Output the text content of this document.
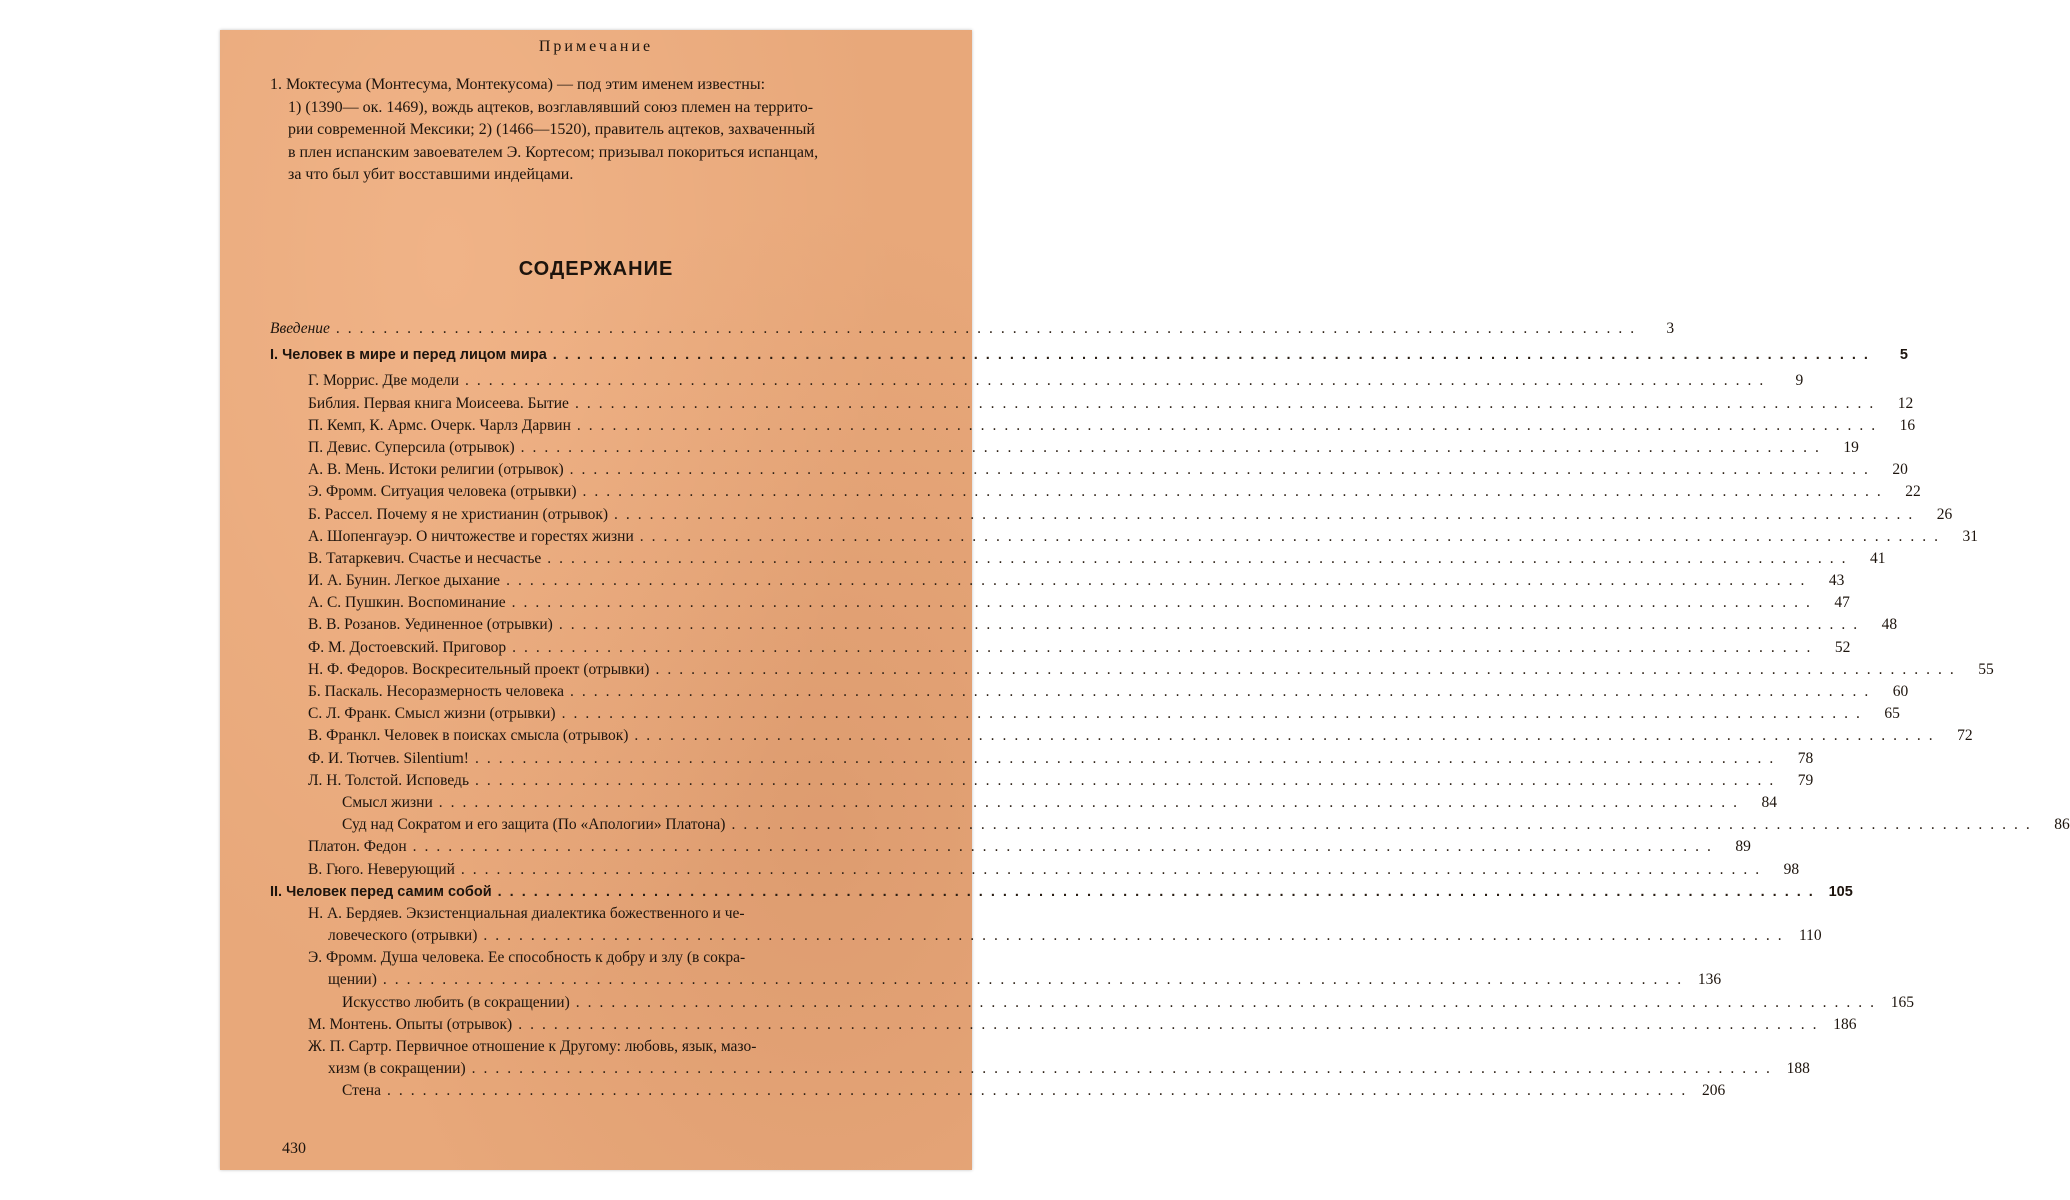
Примечание

1. Моктесума (Монтесума, Монтекусома) — под этим именем известны:

1) (1390— ок. 1469), вождь ацтеков, возглавлявший союз племен на террито-

рии современной Мексики; 2) (1466—1520), правитель ацтеков, захваченный

в плен испанским завоевателем Э. Кортесом; призывал покориться испанцам,

за что был убит восставшими индейцами.

СОДЕРЖАНИЕ
Введение ..............................................................................................................	3
I. Человек в мире и перед лицом мира ..............................................................................................................	5
Г. Моррис. Две модели ..............................................................................................................	9
Библия. Первая книга Моисеева. Бытие ..............................................................................................................	12
П. Кемп, К. Армс. Очерк. Чарлз Дарвин ..............................................................................................................	16
П. Девис. Суперсила (отрывок) ..............................................................................................................	19
А. В. Мень. Истоки религии (отрывок) ..............................................................................................................	20
Э. Фромм. Ситуация человека (отрывки) ..............................................................................................................	22
Б. Рассел. Почему я не христианин (отрывок) ..............................................................................................................	26
А. Шопенгауэр. О ничтожестве и горестях жизни ..............................................................................................................	31
В. Татаркевич. Счастье и несчастье ..............................................................................................................	41
И. А. Бунин. Легкое дыхание ..............................................................................................................	43
А. С. Пушкин. Воспоминание ..............................................................................................................	47
В. В. Розанов. Уединенное (отрывки) ..............................................................................................................	48
Ф. М. Достоевский. Приговор ..............................................................................................................	52
Н. Ф. Федоров. Воскресительный проект (отрывки) ..............................................................................................................	55
Б. Паскаль. Несоразмерность человека ..............................................................................................................	60
С. Л. Франк. Смысл жизни (отрывки) ..............................................................................................................	65
В. Франкл. Человек в поисках смысла (отрывок) ..............................................................................................................	72
Ф. И. Тютчев. Silentium! ..............................................................................................................	78
Л. Н. Толстой. Исповедь ..............................................................................................................	79
Смысл жизни ..............................................................................................................	84
Суд над Сократом и его защита (По «Апологии» Платона) ..............................................................................................................	86
Платон. Федон ..............................................................................................................	89
В. Гюго. Неверующий ..............................................................................................................	98
II. Человек перед самим собой .............................................................................................................. 105
Н. А. Бердяев. Экзистенциальная диалектика божественного и че-
ловеческого (отрывки) .............................................................................................................. 110
Э. Фромм. Душа человека. Ее способность к добру и злу (в сокра-
щении) .............................................................................................................. 136
Искусство любить (в сокращении) .............................................................................................................. 165
М. Монтень. Опыты (отрывок) .............................................................................................................. 186
Ж. П. Сартр. Первичное отношение к Другому: любовь, язык, мазо-
хизм (в сокращении) .............................................................................................................. 188
Стена .............................................................................................................. 206
430
